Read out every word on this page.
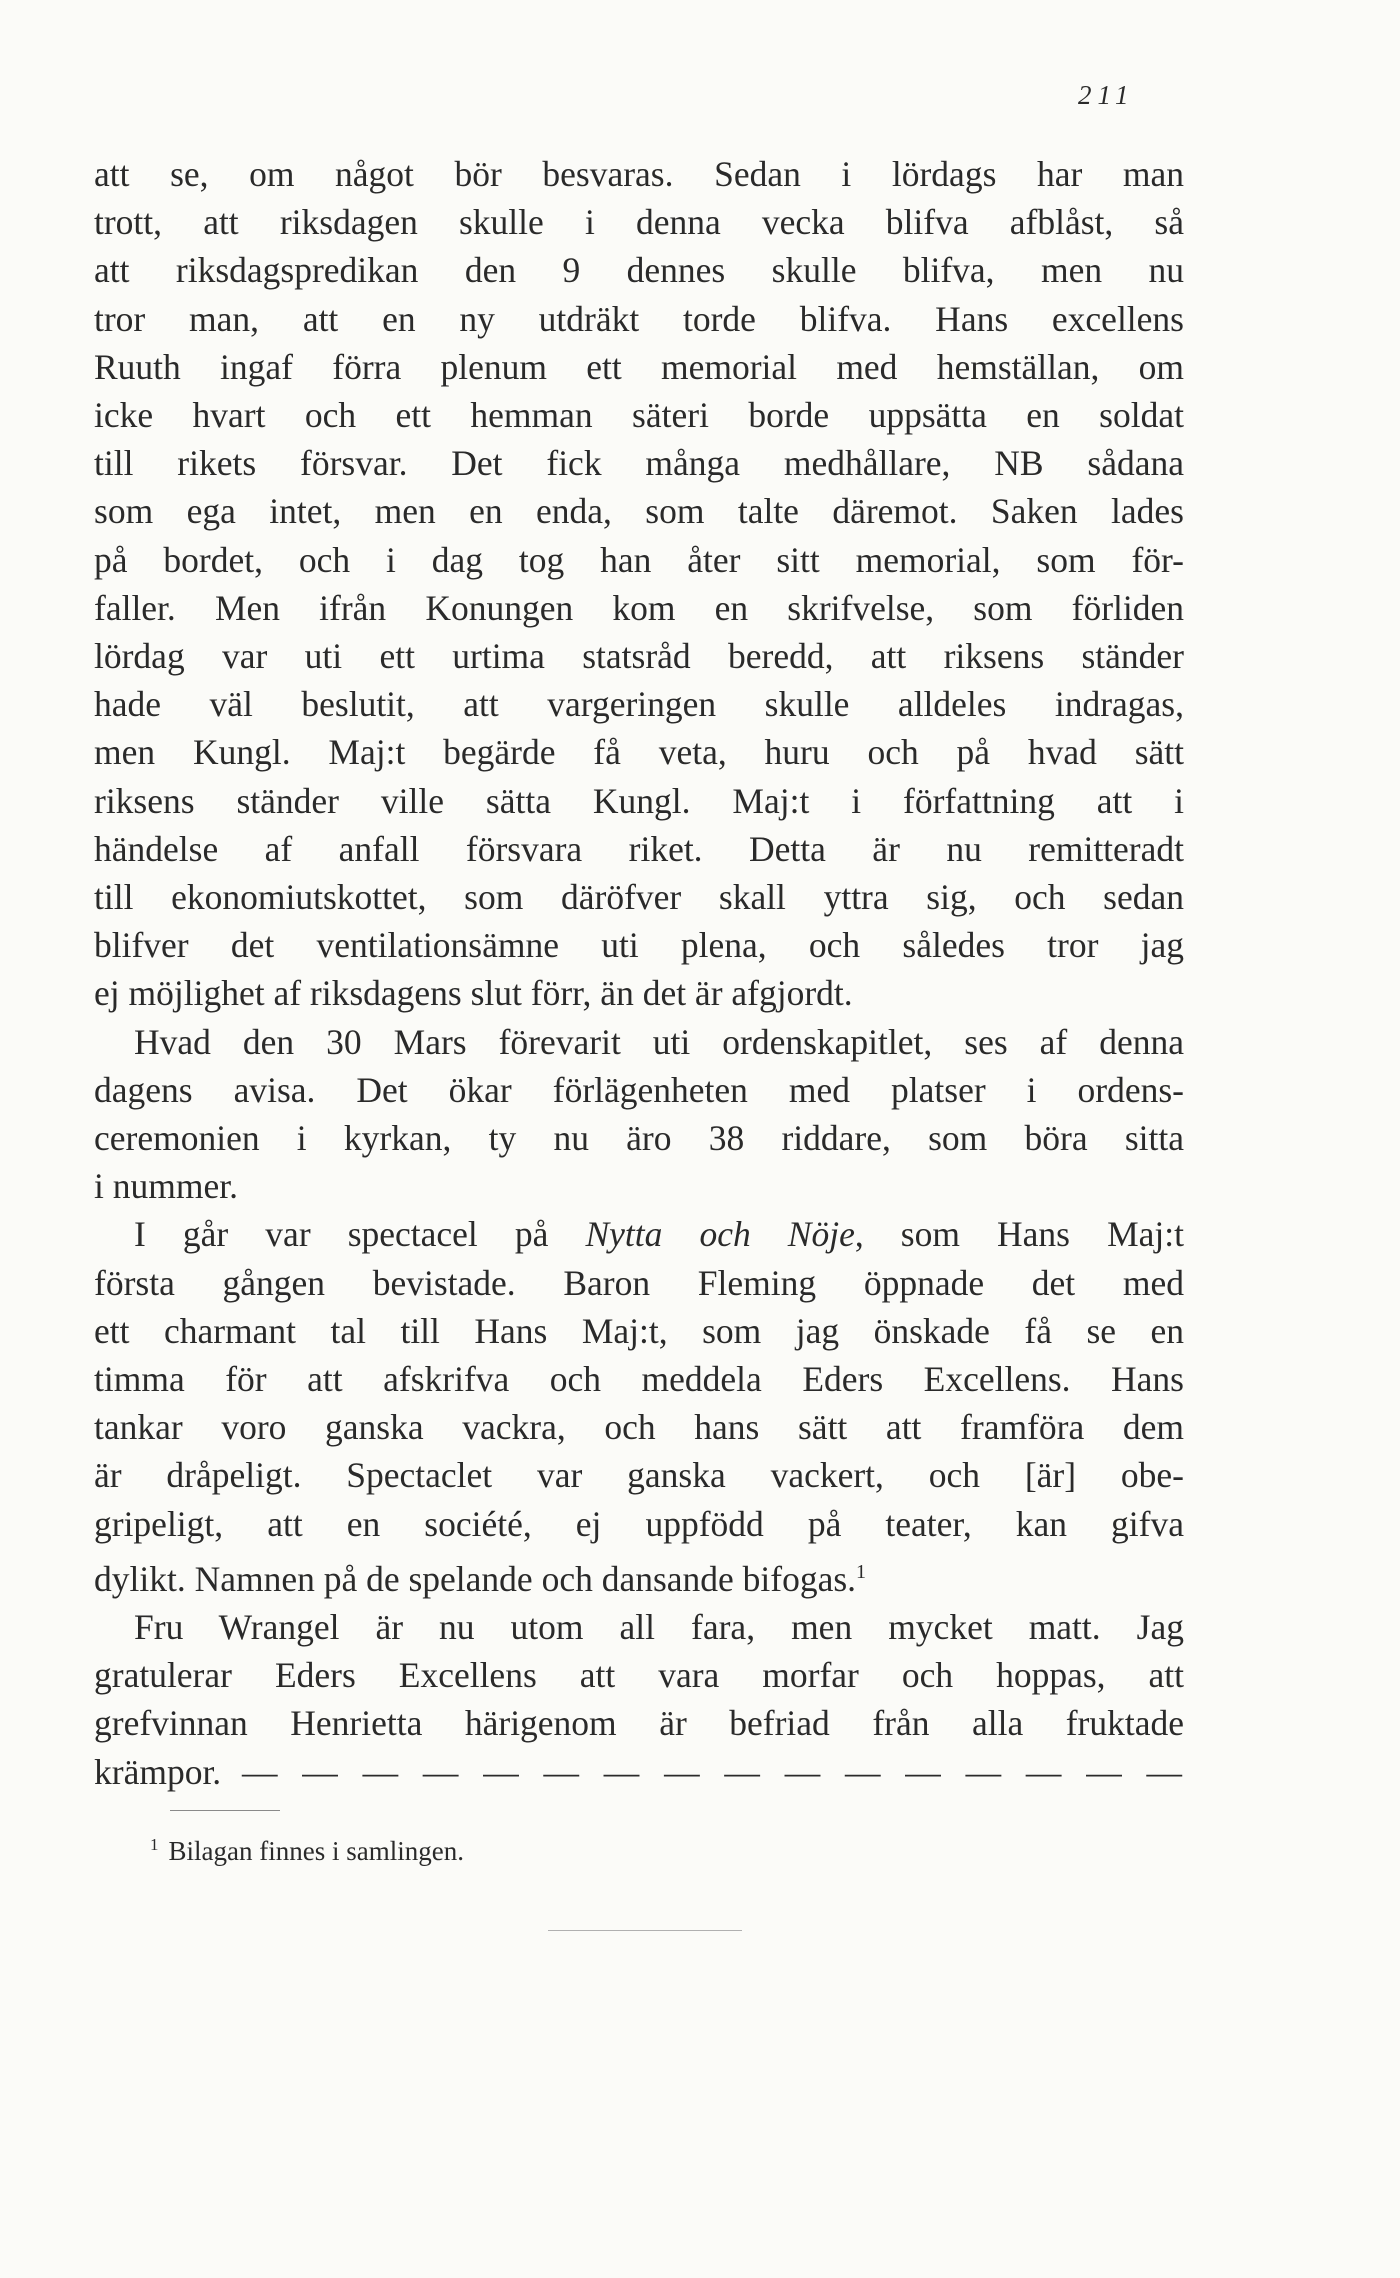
211
att se, om något bör besvaras. Sedan i lördags har man
trott, att riksdagen skulle i denna vecka blifva afblåst, så
att riksdagspredikan den 9 dennes skulle blifva, men nu
tror man, att en ny utdräkt torde blifva. Hans excellens
Ruuth ingaf förra plenum ett memorial med hemställan, om
icke hvart och ett hemman säteri borde uppsätta en soldat
till rikets försvar. Det fick många medhållare, NB sådana
som ega intet, men en enda, som talte däremot. Saken lades
på bordet, och i dag tog han åter sitt memorial, som för-
faller. Men ifrån Konungen kom en skrifvelse, som förliden
lördag var uti ett urtima statsråd beredd, att riksens ständer
hade väl beslutit, att vargeringen skulle alldeles indragas,
men Kungl. Maj:t begärde få veta, huru och på hvad sätt
riksens ständer ville sätta Kungl. Maj:t i författning att i
händelse af anfall försvara riket. Detta är nu remitteradt
till ekonomiutskottet, som däröfver skall yttra sig, och sedan
blifver det ventilationsämne uti plena, och således tror jag
ej möjlighet af riksdagens slut förr, än det är afgjordt.
Hvad den 30 Mars förevarit uti ordenskapitlet, ses af denna
dagens avisa. Det ökar förlägenheten med platser i ordens-
ceremonien i kyrkan, ty nu äro 38 riddare, som böra sitta
i nummer.
I går var spectacel på Nytta och Nöje, som Hans Maj:t
första gången bevistade. Baron Fleming öppnade det med
ett charmant tal till Hans Maj:t, som jag önskade få se en
timma för att afskrifva och meddela Eders Excellens. Hans
tankar voro ganska vackra, och hans sätt att framföra dem
är dråpeligt. Spectaclet var ganska vackert, och [är] obe-
gripeligt, att en société, ej uppfödd på teater, kan gifva
dylikt. Namnen på de spelande och dansande bifogas.$^1$
Fru Wrangel är nu utom all fara, men mycket matt. Jag
gratulerar Eders Excellens att vara morfar och hoppas, att
grefvinnan Henrietta härigenom är befriad från alla fruktade
krämpor. — — — — — — — — — — — — — — — —
$^1$ Bilagan finnes i samlingen.
